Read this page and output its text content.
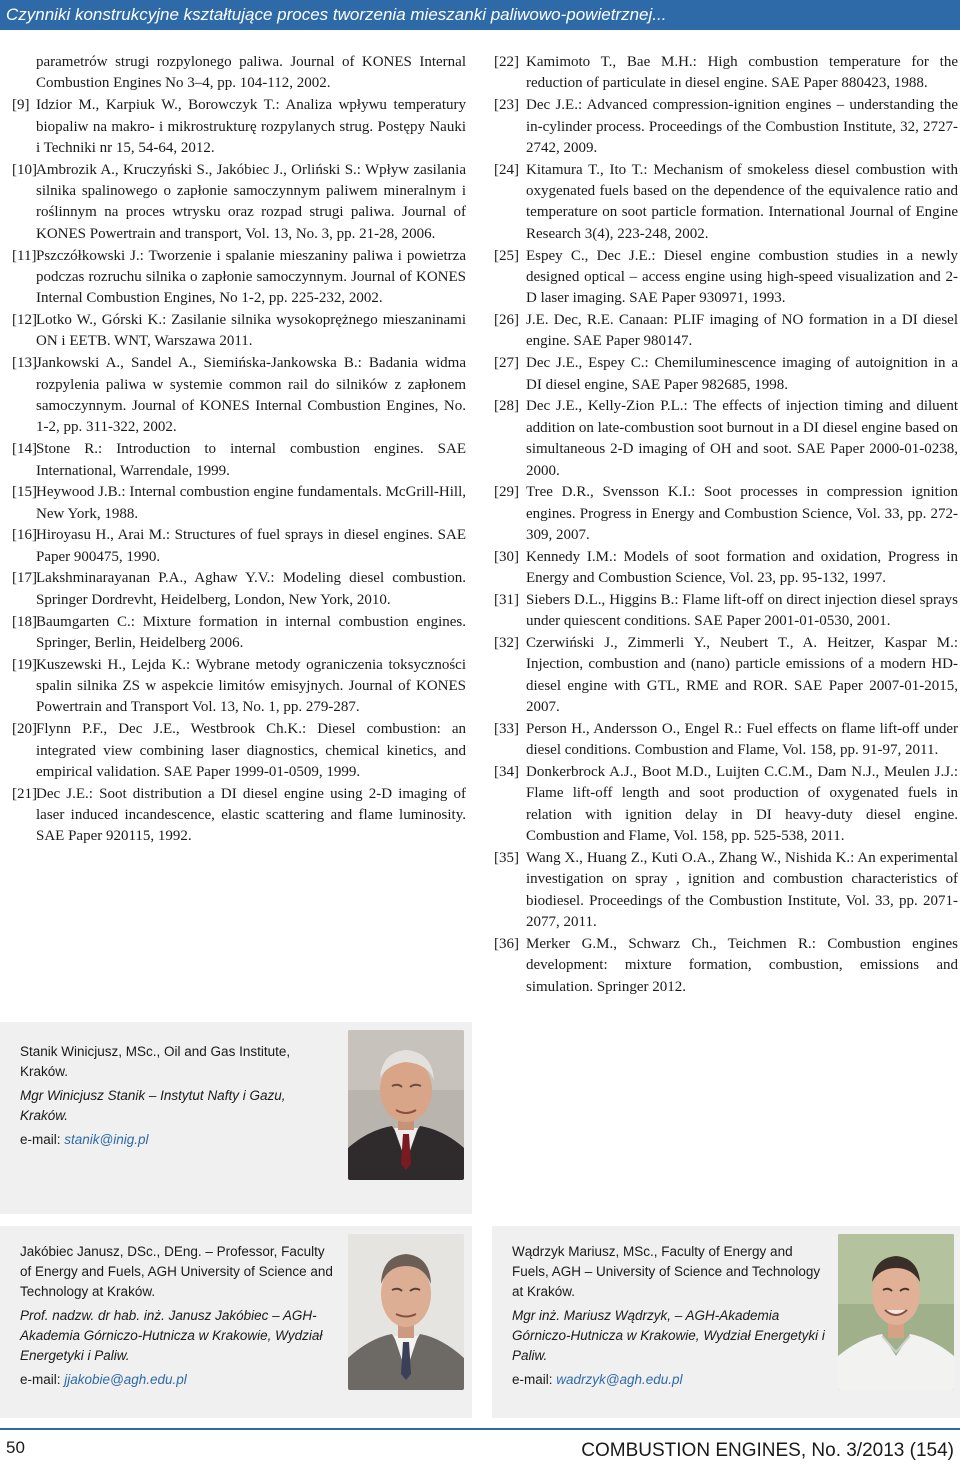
Czynniki konstrukcyjne kształtujące proces tworzenia mieszanki paliwowo-powietrznej...
parametrów strugi rozpylonego paliwa. Journal of KONES Internal Combustion Engines No 3–4, pp. 104-112, 2002.
[9] Idzior M., Karpiuk W., Borowczyk T.: Analiza wpływu temperatury biopaliw na makro- i mikrostrukturę rozpylanych strug. Postępy Nauki i Techniki nr 15, 54-64, 2012.
[10] Ambrozik A., Kruczyński S., Jakóbiec J., Orliński S.: Wpływ zasilania silnika spalinowego o zapłonie samoczynnym paliwem mineralnym i roślinnym na proces wtrysku oraz rozpad strugi paliwa. Journal of KONES Powertrain and transport, Vol. 13, No. 3, pp. 21-28, 2006.
[11] Pszczółkowski J.: Tworzenie i spalanie mieszaniny paliwa i powietrza podczas rozruchu silnika o zapłonie samoczynnym. Journal of KONES Internal Combustion Engines, No 1-2, pp. 225-232, 2002.
[12] Lotko W., Górski K.: Zasilanie silnika wysokoprężnego mieszaninami ON i EETB. WNT, Warszawa 2011.
[13] Jankowski A., Sandel A., Siemińska-Jankowska B.: Badania widma rozpylenia paliwa w systemie common rail do silników z zapłonem samoczynnym. Journal of KONES Internal Combustion Engines, No. 1-2, pp. 311-322, 2002.
[14] Stone R.: Introduction to internal combustion engines. SAE International, Warrendale, 1999.
[15] Heywood J.B.: Internal combustion engine fundamentals. McGrill-Hill, New York, 1988.
[16] Hiroyasu H., Arai M.: Structures of fuel sprays in diesel engines. SAE Paper 900475, 1990.
[17] Lakshminarayanan P.A., Aghaw Y.V.: Modeling diesel combustion. Springer Dordrevht, Heidelberg, London, New York, 2010.
[18] Baumgarten C.: Mixture formation in internal combustion engines. Springer, Berlin, Heidelberg 2006.
[19] Kuszewski H., Lejda K.: Wybrane metody ograniczenia toksyczności spalin silnika ZS w aspekcie limitów emisyjnych. Journal of KONES Powertrain and Transport Vol. 13, No. 1, pp. 279-287.
[20] Flynn P.F., Dec J.E., Westbrook Ch.K.: Diesel combustion: an integrated view combining laser diagnostics, chemical kinetics, and empirical validation. SAE Paper 1999-01-0509, 1999.
[21] Dec J.E.: Soot distribution a DI diesel engine using 2-D imaging of laser induced incandescence, elastic scattering and flame luminosity. SAE Paper 920115, 1992.
[22] Kamimoto T., Bae M.H.: High combustion temperature for the reduction of particulate in diesel engine. SAE Paper 880423, 1988.
[23] Dec J.E.: Advanced compression-ignition engines – understanding the in-cylinder process. Proceedings of the Combustion Institute, 32, 2727-2742, 2009.
[24] Kitamura T., Ito T.: Mechanism of smokeless diesel combustion with oxygenated fuels based on the dependence of the equivalence ratio and temperature on soot particle formation. International Journal of Engine Research 3(4), 223-248, 2002.
[25] Espey C., Dec J.E.: Diesel engine combustion studies in a newly designed optical – access engine using high-speed visualization and 2-D laser imaging. SAE Paper 930971, 1993.
[26] J.E. Dec, R.E. Canaan: PLIF imaging of NO formation in a DI diesel engine. SAE Paper 980147.
[27] Dec J.E., Espey C.: Chemiluminescence imaging of autoignition in a DI diesel engine, SAE Paper 982685, 1998.
[28] Dec J.E., Kelly-Zion P.L.: The effects of injection timing and diluent addition on late-combustion soot burnout in a DI diesel engine based on simultaneous 2-D imaging of OH and soot. SAE Paper 2000-01-0238, 2000.
[29] Tree D.R., Svensson K.I.: Soot processes in compression ignition engines. Progress in Energy and Combustion Science, Vol. 33, pp. 272-309, 2007.
[30] Kennedy I.M.: Models of soot formation and oxidation, Progress in Energy and Combustion Science, Vol. 23, pp. 95-132, 1997.
[31] Siebers D.L., Higgins B.: Flame lift-off on direct injection diesel sprays under quiescent conditions. SAE Paper 2001-01-0530, 2001.
[32] Czerwiński J., Zimmerli Y., Neubert T., A. Heitzer, Kaspar M.: Injection, combustion and (nano) particle emissions of a modern HD-diesel engine with GTL, RME and ROR. SAE Paper 2007-01-2015, 2007.
[33] Person H., Andersson O., Engel R.: Fuel effects on flame lift-off under diesel conditions. Combustion and Flame, Vol. 158, pp. 91-97, 2011.
[34] Donkerbrock A.J., Boot M.D., Luijten C.C.M., Dam N.J., Meulen J.J.: Flame lift-off length and soot production of oxygenated fuels in relation with ignition delay in DI heavy-duty diesel engine. Combustion and Flame, Vol. 158, pp. 525-538, 2011.
[35] Wang X., Huang Z., Kuti O.A., Zhang W., Nishida K.: An experimental investigation on spray , ignition and combustion characteristics of biodiesel. Proceedings of the Combustion Institute, Vol. 33, pp. 2071-2077, 2011.
[36] Merker G.M., Schwarz Ch., Teichmen R.: Combustion engines development: mixture formation, combustion, emissions and simulation. Springer 2012.

Stanik Winicjusz, MSc., Oil and Gas Institute, Kraków.

Mgr Winicjusz Stanik – Instytut Nafty i Gazu, Kraków.

e-mail: stanik@inig.pl

Jakóbiec Janusz, DSc., DEng. – Professor, Faculty of Energy and Fuels, AGH University of Science and Technology at Kraków.

Prof. nadzw. dr hab. inż. Janusz Jakóbiec – AGH-Akademia Górniczo-Hutnicza w Krakowie, Wydział Energetyki i Paliw.

e-mail: jjakobie@agh.edu.pl

Wądrzyk Mariusz, MSc., Faculty of Energy and Fuels, AGH – University of Science and Technology at Kraków.

Mgr inż. Mariusz Wądrzyk, – AGH-Akademia Górniczo-Hutnicza w Krakowie, Wydział Energetyki i Paliw.

e-mail: wadrzyk@agh.edu.pl

50	COMBUSTION ENGINES, No. 3/2013 (154)
